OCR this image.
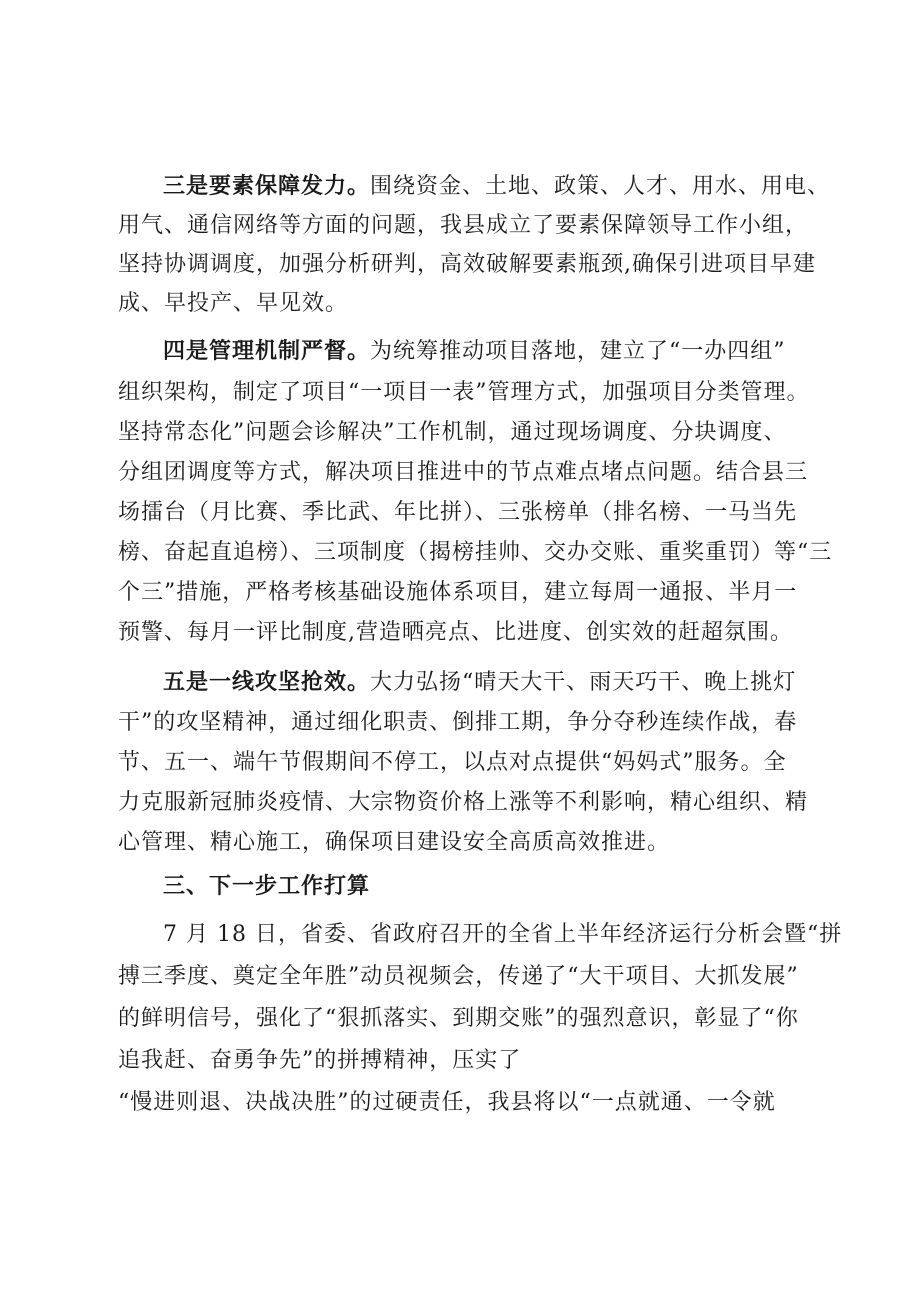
三是要素保障发力。围绕资金、土地、政策、人才、用水、用电、
用气、通信网络等方面的问题，我县成立了要素保障领导工作小组，
坚持协调调度，加强分析研判，高效破解要素瓶颈,确保引进项目早建
成、早投产、早见效。
四是管理机制严督。为统筹推动项目落地，建立了“一办四组”
组织架构，制定了项目“一项目一表”管理方式，加强项目分类管理。
坚持常态化”问题会诊解决”工作机制，通过现场调度、分块调度、
分组团调度等方式，解决项目推进中的节点难点堵点问题。结合县三
场擂台（月比赛、季比武、年比拼）、三张榜单（排名榜、一马当先
榜、奋起直追榜）、三项制度（揭榜挂帅、交办交账、重奖重罚）等“三
个三”措施，严格考核基础设施体系项目，建立每周一通报、半月一
预警、每月一评比制度,营造晒亮点、比进度、创实效的赶超氛围。
五是一线攻坚抢效。大力弘扬“晴天大干、雨天巧干、晚上挑灯
干”的攻坚精神，通过细化职责、倒排工期，争分夺秒连续作战，春
节、五一、端午节假期间不停工，以点对点提供“妈妈式”服务。全
力克服新冠肺炎疫情、大宗物资价格上涨等不利影响，精心组织、精
心管理、精心施工，确保项目建设安全高质高效推进。
三、下一步工作打算
7 月 18 日，省委、省政府召开的全省上半年经济运行分析会暨“拼
搏三季度、奠定全年胜”动员视频会，传递了“大干项目、大抓发展”
的鲜明信号，强化了“狠抓落实、到期交账”的强烈意识，彰显了“你
追我赶、奋勇争先”的拼搏精神，压实了
“慢进则退、决战决胜”的过硬责任，我县将以“一点就通、一令就
